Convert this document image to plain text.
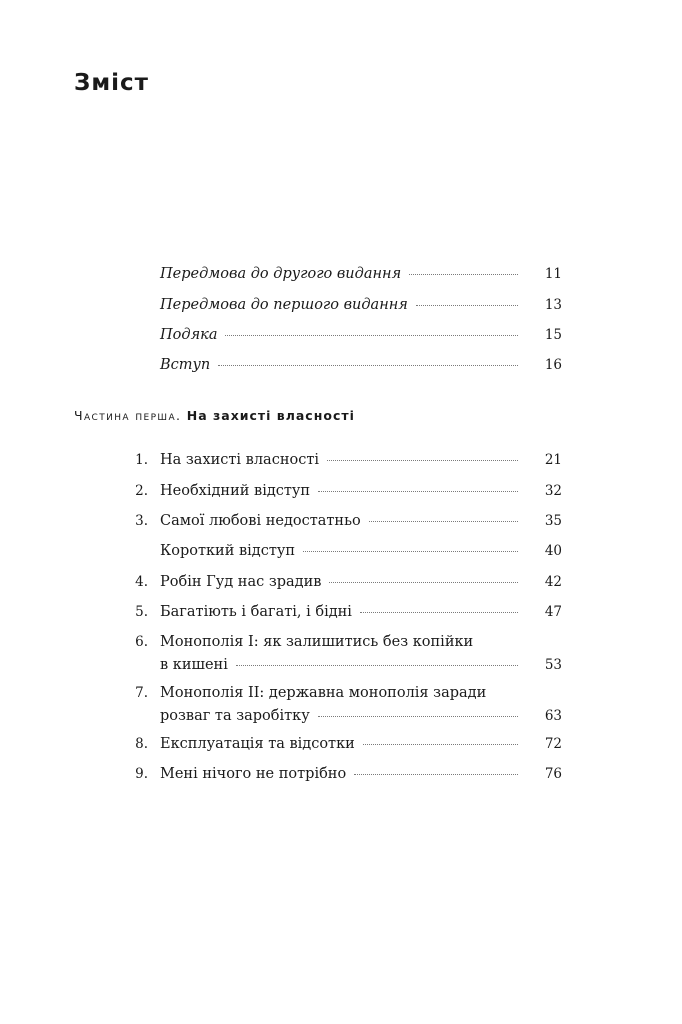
Зміст
Передмова до другого видання	11
Передмова до першого видання	13
Подяка	15
Вступ	16
Частина перша. На захисті власності
1. На захисті власності	21
2. Необхідний відступ	32
3. Самої любові недостатньо	35
Короткий відступ	40
4. Робін Гуд нас зрадив	42
5. Багатіють і багаті, і бідні	47
6. Монополія I: як залишитись без копійки
в кишені	53
7. Монополія II: державна монополія заради
розваг та заробітку	63
8. Експлуатація та відсотки	72
9. Мені нічого не потрібно	76
